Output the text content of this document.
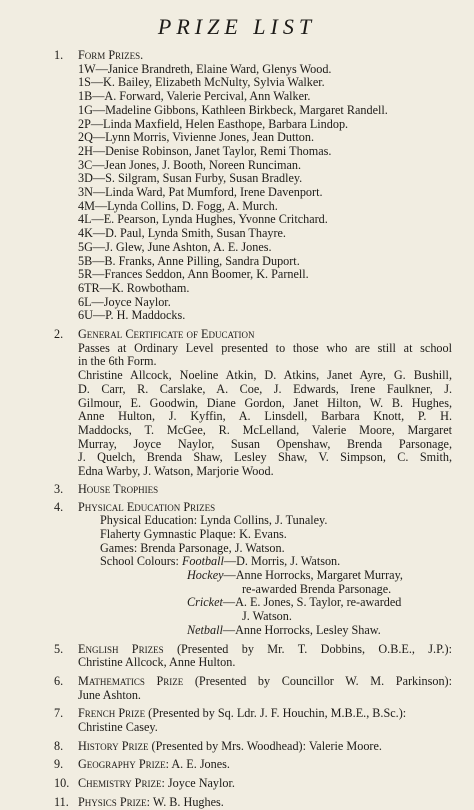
PRIZE LIST
1.	Form Prizes.
1W—Janice Brandreth, Elaine Ward, Glenys Wood.
1S—K. Bailey, Elizabeth McNulty, Sylvia Walker.
1B—A. Forward, Valerie Percival, Ann Walker.
1G—Madeline Gibbons, Kathleen Birkbeck, Margaret Randell.
2P—Linda Maxfield, Helen Easthope, Barbara Lindop.
2Q—Lynn Morris, Vivienne Jones, Jean Dutton.
2H—Denise Robinson, Janet Taylor, Remi Thomas.
3C—Jean Jones, J. Booth, Noreen Runciman.
3D—S. Silgram, Susan Furby, Susan Bradley.
3N—Linda Ward, Pat Mumford, Irene Davenport.
4M—Lynda Collins, D. Fogg, A. Murch.
4L—E. Pearson, Lynda Hughes, Yvonne Critchard.
4K—D. Paul, Lynda Smith, Susan Thayre.
5G—J. Glew, June Ashton, A. E. Jones.
5B—B. Franks, Anne Pilling, Sandra Duport.
5R—Frances Seddon, Ann Boomer, K. Parnell.
6TR—K. Rowbotham.
6L—Joyce Naylor.
6U—P. H. Maddocks.
2.	General Certificate of Education
Passes at Ordinary Level presented to those who are still at school
in the 6th Form.
Christine Allcock, Noeline Atkin, D. Atkins, Janet Ayre, G. Bushill,
D. Carr, R. Carslake, A. Coe, J. Edwards, Irene Faulkner, J.
Gilmour, E. Goodwin, Diane Gordon, Janet Hilton, W. B. Hughes,
Anne Hulton, J. Kyffin, A. Linsdell, Barbara Knott, P. H.
Maddocks, T. McGee, R. McLelland, Valerie Moore, Margaret
Murray, Joyce Naylor, Susan Openshaw, Brenda Parsonage,
J. Quelch, Brenda Shaw, Lesley Shaw, V. Simpson, C. Smith,
Edna Warby, J. Watson, Marjorie Wood.
3.	House Trophies
4.	Physical Education Prizes
Physical Education: Lynda Collins, J. Tunaley.
Flaherty Gymnastic Plaque: K. Evans.
Games: Brenda Parsonage, J. Watson.
School Colours: Football—D. Morris, J. Watson.
Hockey—Anne Horrocks, Margaret Murray,
re-awarded Brenda Parsonage.
Cricket—A. E. Jones, S. Taylor, re-awarded
J. Watson.
Netball—Anne Horrocks, Lesley Shaw.
5.	English Prizes (Presented by Mr. T. Dobbins, O.B.E., J.P.):
Christine Allcock, Anne Hulton.
6.	Mathematics Prize (Presented by Councillor W. M. Parkinson):
June Ashton.
7.	French Prize (Presented by Sq. Ldr. J. F. Houchin, M.B.E., B.Sc.):
Christine Casey.
8.	History Prize (Presented by Mrs. Woodhead): Valerie Moore.
9.	Geography Prize: A. E. Jones.
10. Chemistry Prize: Joyce Naylor.
11. Physics Prize: W. B. Hughes.
